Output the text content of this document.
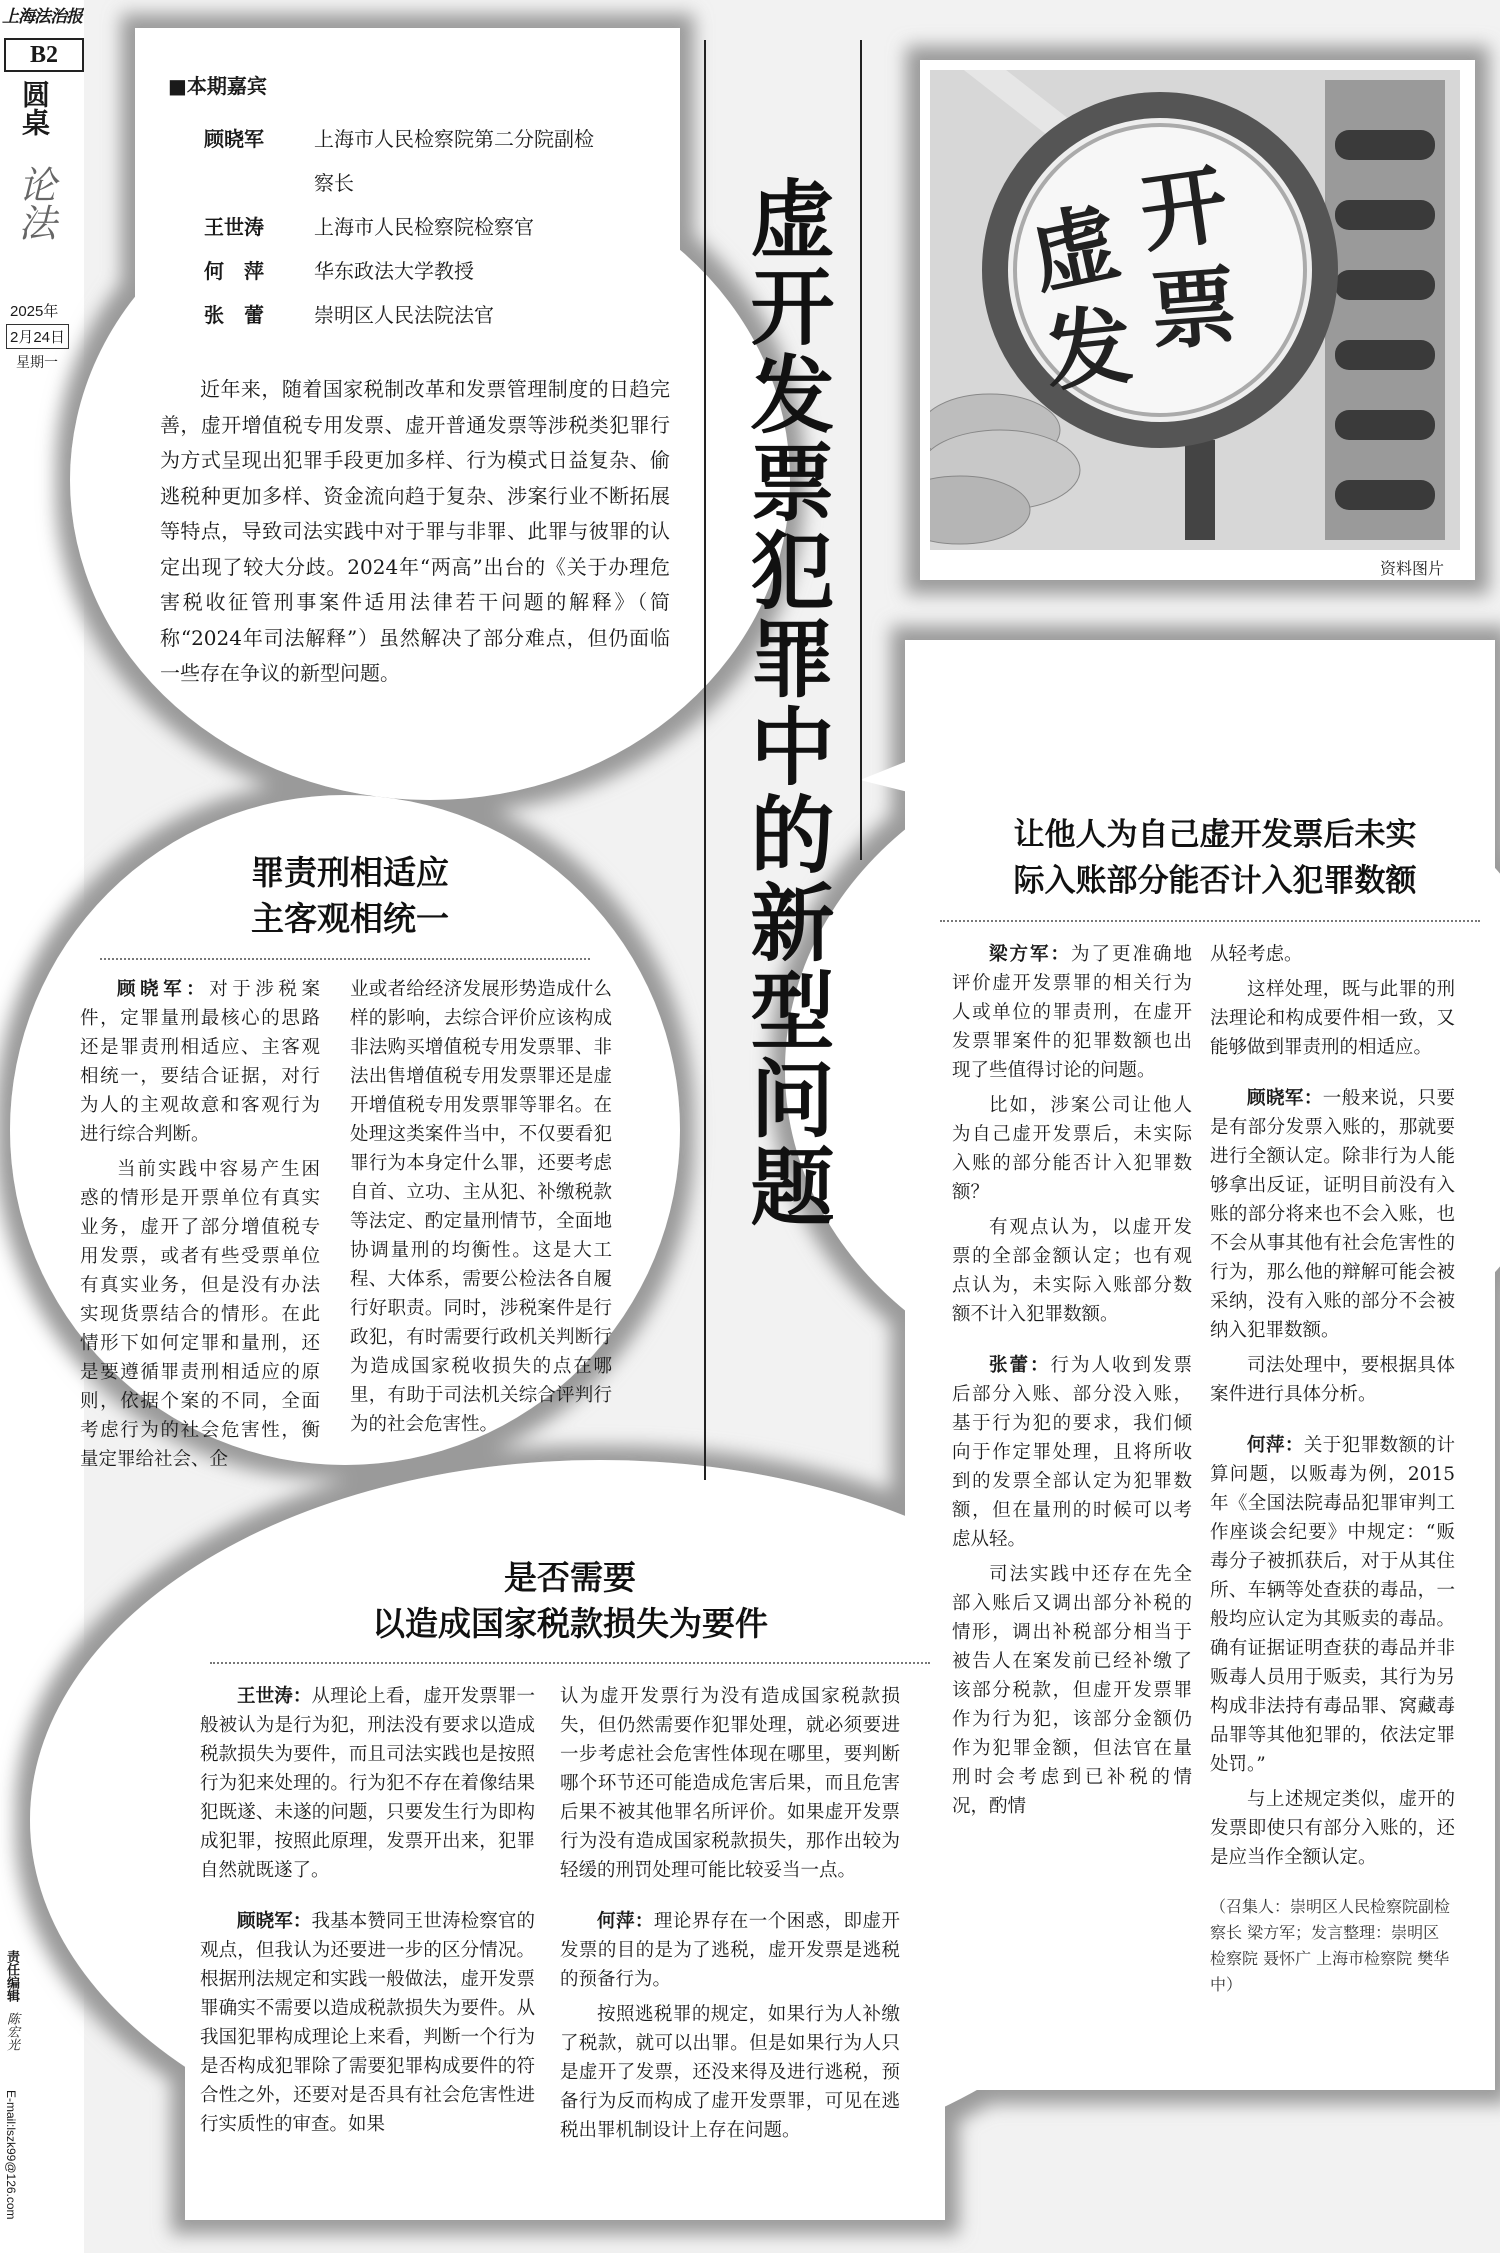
上海法治报
B2
圆桌
论法
2025年
2月24日
星期一
责任编辑 陈宏光
E-mail:lszk99@126.com
■本期嘉宾
顾晓军	上海市人民检察院第二分院副检
察长
王世涛	上海市人民检察院检察官
何　萍	华东政法大学教授
张　蕾	崇明区人民法院法官

近年来，随着国家税制改革和发票管理制度的日趋完善，虚开增值税专用发票、虚开普通发票等涉税类犯罪行为方式呈现出犯罪手段更加多样、行为模式日益复杂、偷逃税种更加多样、资金流向趋于复杂、涉案行业不断拓展等特点，导致司法实践中对于罪与非罪、此罪与彼罪的认定出现了较大分歧。2024年“两高”出台的《关于办理危害税收征管刑事案件适用法律若干问题的解释》（简称“2024年司法解释”）虽然解决了部分难点，但仍面临一些存在争议的新型问题。	虚开发票犯罪中的新型问题 虚 开
发 票
资料图片
罪责刑相适应
主客观相统一

顾晓军：对于涉税案件，定罪量刑最核心的思路还是罪责刑相适应、主客观相统一，要结合证据，对行为人的主观故意和客观行为进行综合判断。

当前实践中容易产生困惑的情形是开票单位有真实业务，虚开了部分增值税专用发票，或者有些受票单位有真实业务，但是没有办法实现货票结合的情形。在此情形下如何定罪和量刑，还是要遵循罪责刑相适应的原则，依据个案的不同，全面考虑行为的社会危害性，衡量定罪给社会、企

业或者给经济发展形势造成什么样的影响，去综合评价应该构成非法购买增值税专用发票罪、非法出售增值税专用发票罪还是虚开增值税专用发票罪等罪名。在处理这类案件当中，不仅要看犯罪行为本身定什么罪，还要考虑自首、立功、主从犯、补缴税款等法定、酌定量刑情节，全面地协调量刑的均衡性。这是大工程、大体系，需要公检法各自履行好职责。同时，涉税案件是行政犯，有时需要行政机关判断行为造成国家税收损失的点在哪里，有助于司法机关综合评判行为的社会危害性。

让他人为自己虚开发票后未实
际入账部分能否计入犯罪数额

梁方军：为了更准确地评价虚开发票罪的相关行为人或单位的罪责刑，在虚开发票罪案件的犯罪数额也出现了些值得讨论的问题。

比如，涉案公司让他人为自己虚开发票后，未实际入账的部分能否计入犯罪数额？

有观点认为，以虚开发票的全部金额认定；也有观点认为，未实际入账部分数额不计入犯罪数额。

张蕾：行为人收到发票后部分入账、部分没入账，基于行为犯的要求，我们倾向于作定罪处理，且将所收到的发票全部认定为犯罪数额，但在量刑的时候可以考虑从轻。

司法实践中还存在先全部入账后又调出部分补税的情形，调出补税部分相当于被告人在案发前已经补缴了该部分税款，但虚开发票罪作为行为犯，该部分金额仍作为犯罪金额，但法官在量刑时会考虑到已补税的情况，酌情

从轻考虑。

这样处理，既与此罪的刑法理论和构成要件相一致，又能够做到罪责刑的相适应。

顾晓军：一般来说，只要是有部分发票入账的，那就要进行全额认定。除非行为人能够拿出反证，证明目前没有入账的部分将来也不会入账，也不会从事其他有社会危害性的行为，那么他的辩解可能会被采纳，没有入账的部分不会被纳入犯罪数额。

司法处理中，要根据具体案件进行具体分析。

何萍：关于犯罪数额的计算问题，以贩毒为例，2015年《全国法院毒品犯罪审判工作座谈会纪要》中规定：“贩毒分子被抓获后，对于从其住所、车辆等处查获的毒品，一般均应认定为其贩卖的毒品。确有证据证明查获的毒品并非贩毒人员用于贩卖，其行为另构成非法持有毒品罪、窝藏毒品罪等其他犯罪的，依法定罪处罚。”

与上述规定类似，虚开的发票即使只有部分入账的，还是应当作全额认定。

（召集人：崇明区人民检察院副检察长 梁方军；发言整理：崇明区检察院 聂怀广 上海市检察院 樊华中）

是否需要
以造成国家税款损失为要件

王世涛：从理论上看，虚开发票罪一般被认为是行为犯，刑法没有要求以造成税款损失为要件，而且司法实践也是按照行为犯来处理的。行为犯不存在着像结果犯既遂、未遂的问题，只要发生行为即构成犯罪，按照此原理，发票开出来，犯罪自然就既遂了。

顾晓军：我基本赞同王世涛检察官的观点，但我认为还要进一步的区分情况。根据刑法规定和实践一般做法，虚开发票罪确实不需要以造成税款损失为要件。从我国犯罪构成理论上来看，判断一个行为是否构成犯罪除了需要犯罪构成要件的符合性之外，还要对是否具有社会危害性进行实质性的审查。如果

认为虚开发票行为没有造成国家税款损失，但仍然需要作犯罪处理，就必须要进一步考虑社会危害性体现在哪里，要判断哪个环节还可能造成危害后果，而且危害后果不被其他罪名所评价。如果虚开发票行为没有造成国家税款损失，那作出较为轻缓的刑罚处理可能比较妥当一点。

何萍：理论界存在一个困惑，即虚开发票的目的是为了逃税，虚开发票是逃税的预备行为。

按照逃税罪的规定，如果行为人补缴了税款，就可以出罪。但是如果行为人只是虚开了发票，还没来得及进行逃税，预备行为反而构成了虚开发票罪，可见在逃税出罪机制设计上存在问题。
